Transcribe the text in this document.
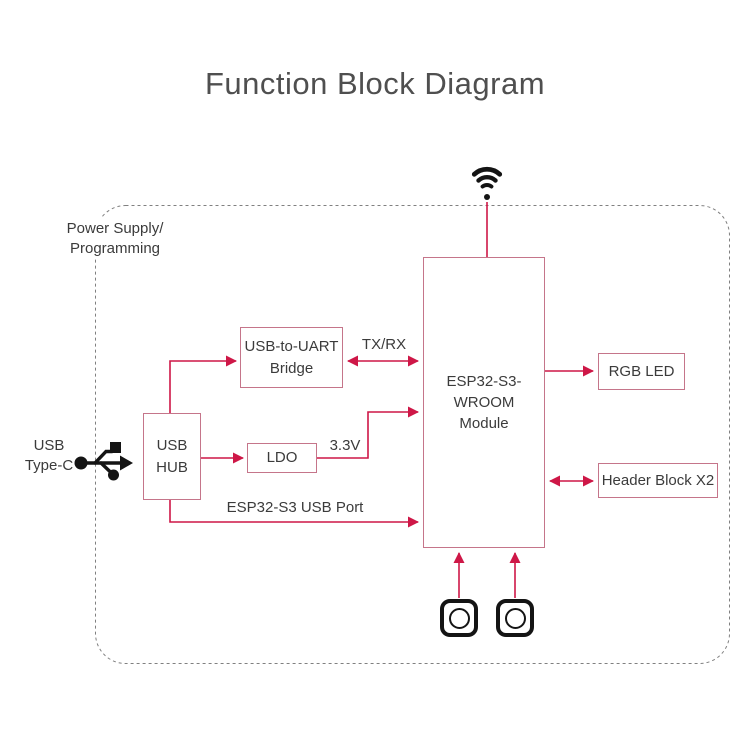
Function Block Diagram
Power Supply/
Programming
USB-to-UART
Bridge
USB
HUB
LDO
ESP32-S3-
WROOM
Module
RGB LED
Header Block X2
TX/RX
3.3V
ESP32-S3 USB Port
USB
Type-C
